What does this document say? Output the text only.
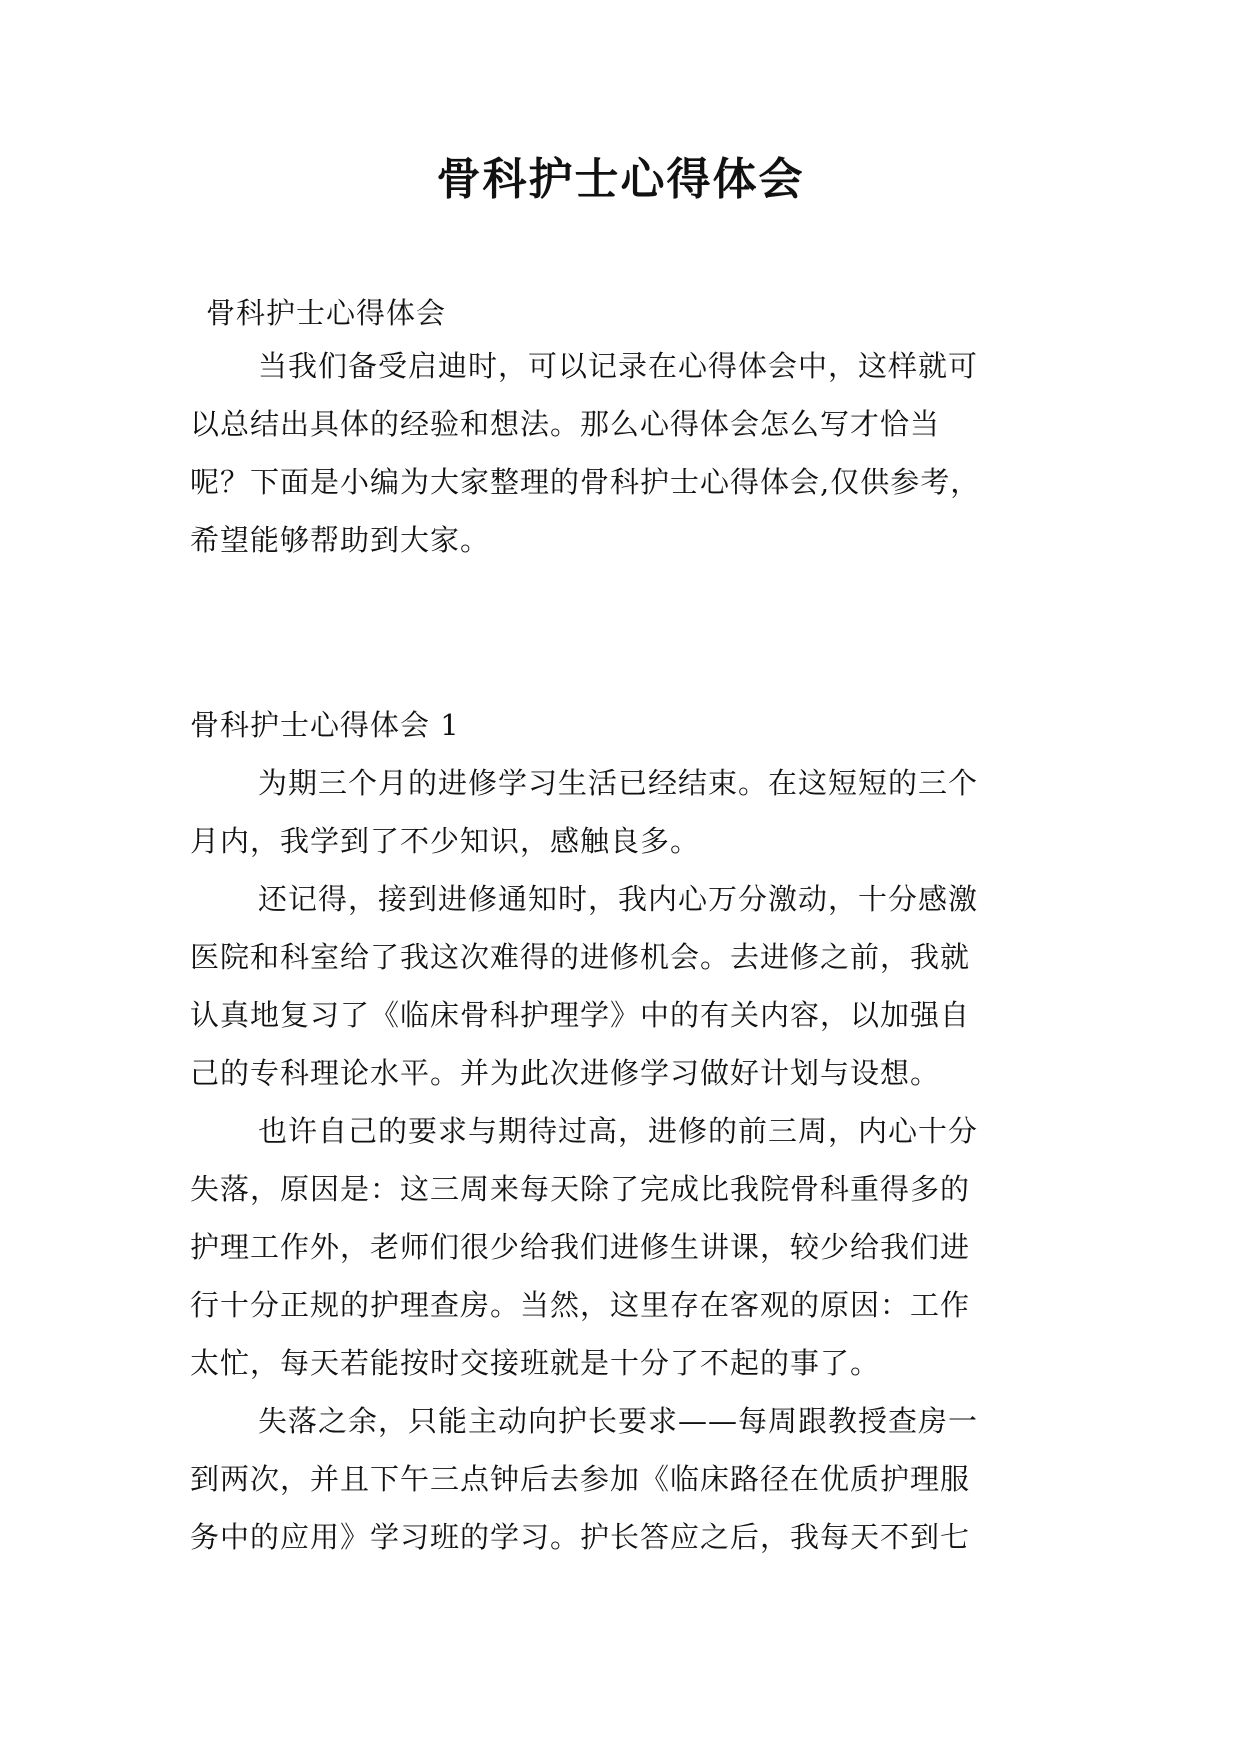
骨科护士心得体会
骨科护士心得体会
当我们备受启迪时，可以记录在心得体会中，这样就可
以总结出具体的经验和想法。那么心得体会怎么写才恰当
呢？下面是小编为大家整理的骨科护士心得体会,仅供参考，
希望能够帮助到大家。
骨科护士心得体会 1
为期三个月的进修学习生活已经结束。在这短短的三个
月内，我学到了不少知识，感触良多。
还记得，接到进修通知时，我内心万分激动，十分感激
医院和科室给了我这次难得的进修机会。去进修之前，我就
认真地复习了《临床骨科护理学》中的有关内容，以加强自
己的专科理论水平。并为此次进修学习做好计划与设想。
也许自己的要求与期待过高，进修的前三周，内心十分
失落，原因是：这三周来每天除了完成比我院骨科重得多的
护理工作外，老师们很少给我们进修生讲课，较少给我们进
行十分正规的护理查房。当然，这里存在客观的原因：工作
太忙，每天若能按时交接班就是十分了不起的事了。
失落之余，只能主动向护长要求——每周跟教授查房一
到两次，并且下午三点钟后去参加《临床路径在优质护理服
务中的应用》学习班的学习。护长答应之后，我每天不到七
